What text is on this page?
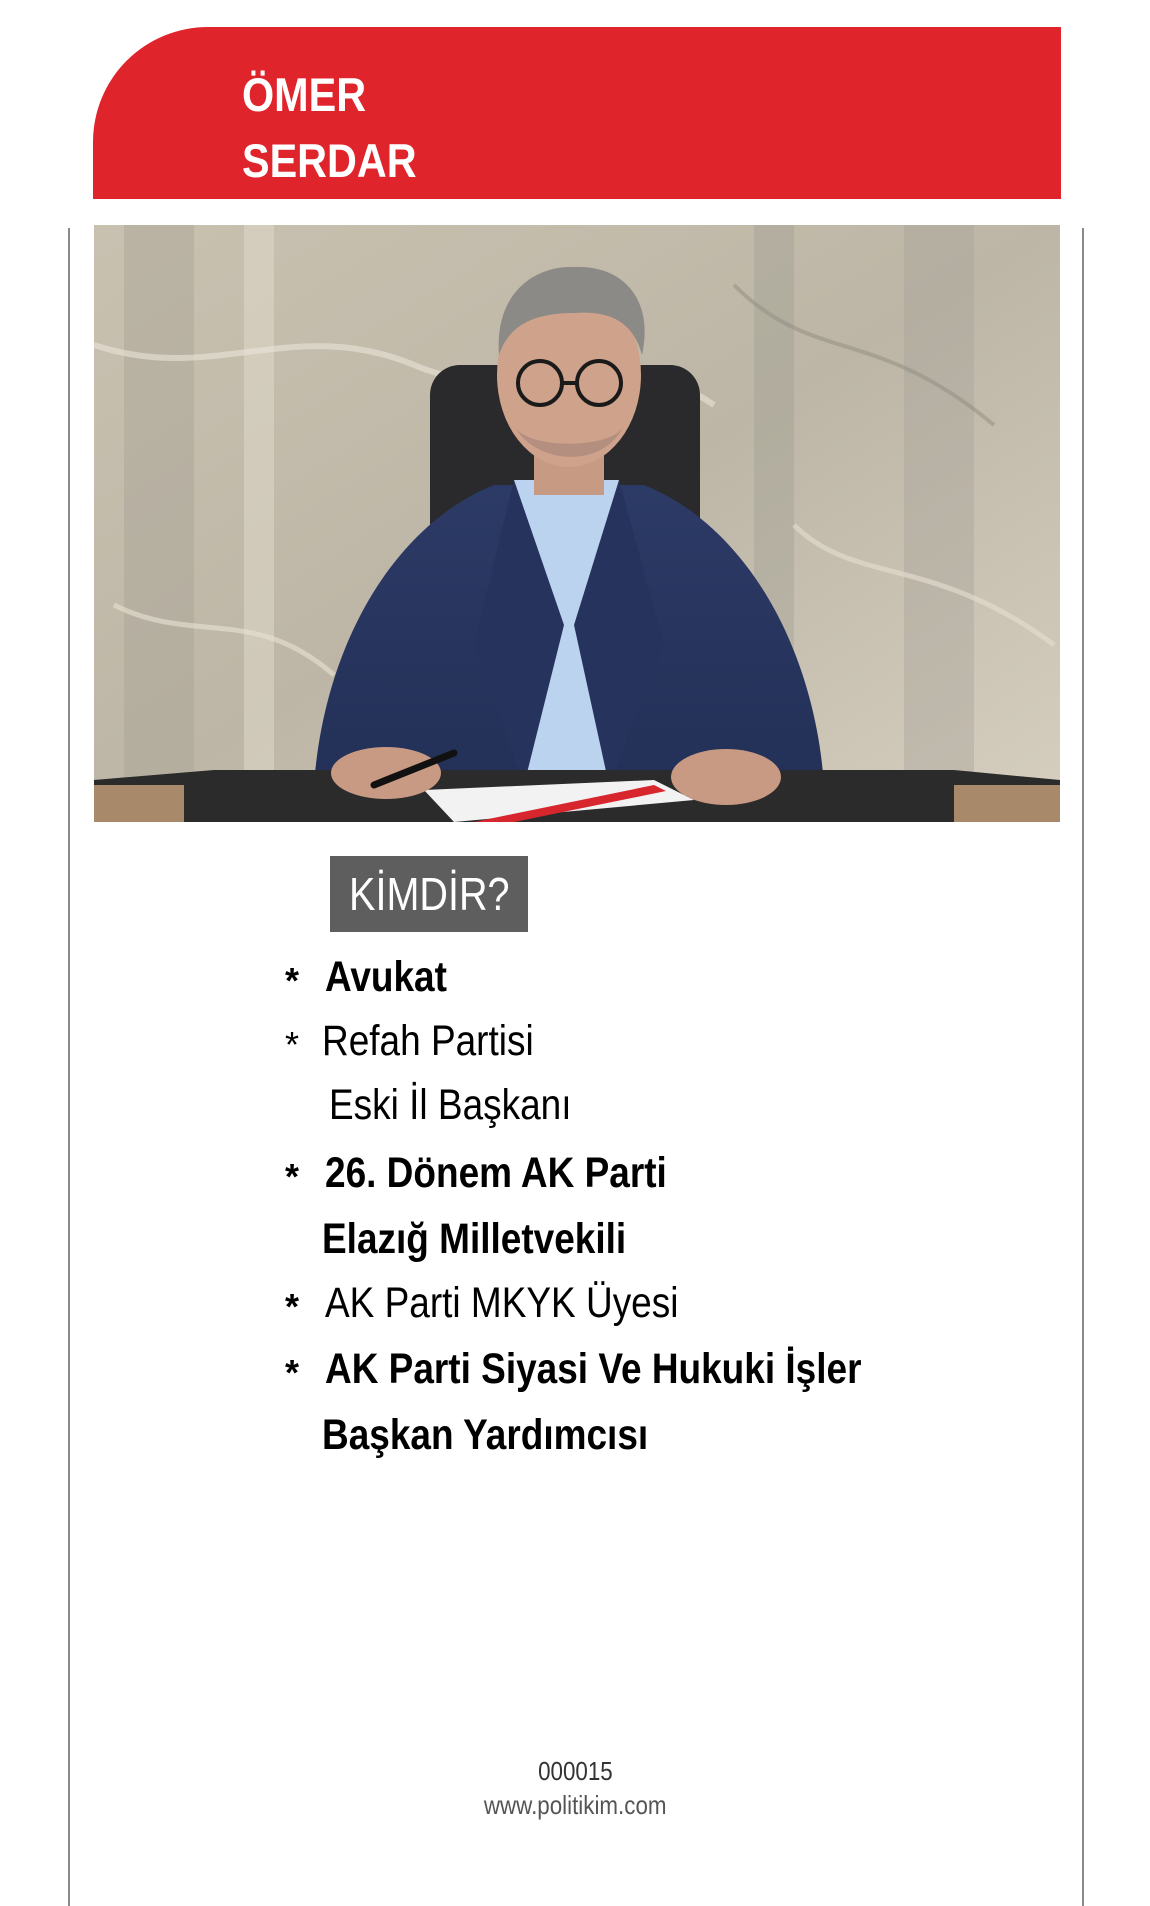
ÖMER
SERDAR
KİMDİR?
* Avukat
* Refah Partisi
Eski İl Başkanı
* 26. Dönem AK Parti
Elazığ Milletvekili
* AK Parti MKYK Üyesi
* AK Parti Siyasi Ve Hukuki İşler
Başkan Yardımcısı
000015
www.politikim.com
